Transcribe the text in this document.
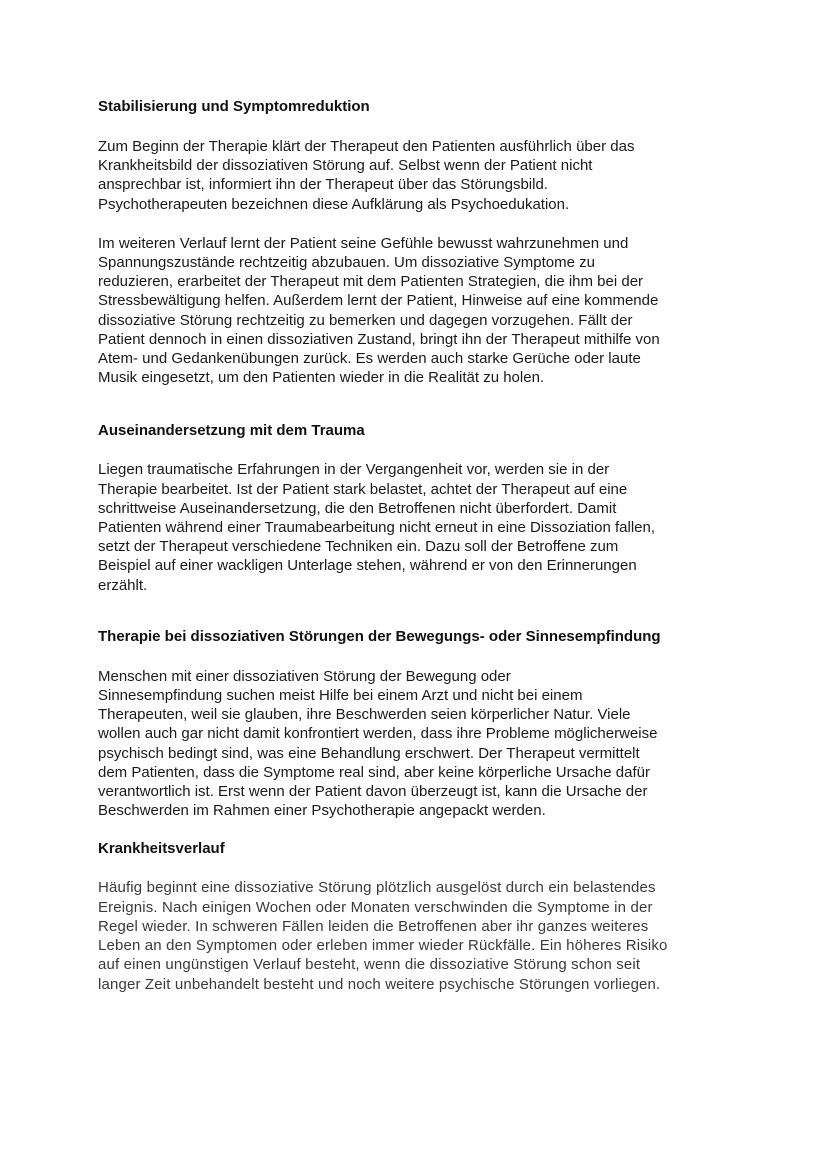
Stabilisierung und Symptomreduktion

Zum Beginn der Therapie klärt der Therapeut den Patienten ausführlich über das
Krankheitsbild der dissoziativen Störung auf. Selbst wenn der Patient nicht
ansprechbar ist, informiert ihn der Therapeut über das Störungsbild.
Psychotherapeuten bezeichnen diese Aufklärung als Psychoedukation.

Im weiteren Verlauf lernt der Patient seine Gefühle bewusst wahrzunehmen und
Spannungszustände rechtzeitig abzubauen. Um dissoziative Symptome zu
reduzieren, erarbeitet der Therapeut mit dem Patienten Strategien, die ihm bei der
Stressbewältigung helfen. Außerdem lernt der Patient, Hinweise auf eine kommende
dissoziative Störung rechtzeitig zu bemerken und dagegen vorzugehen. Fällt der
Patient dennoch in einen dissoziativen Zustand, bringt ihn der Therapeut mithilfe von
Atem- und Gedankenübungen zurück. Es werden auch starke Gerüche oder laute
Musik eingesetzt, um den Patienten wieder in die Realität zu holen.

Auseinandersetzung mit dem Trauma

Liegen traumatische Erfahrungen in der Vergangenheit vor, werden sie in der
Therapie bearbeitet. Ist der Patient stark belastet, achtet der Therapeut auf eine
schrittweise Auseinandersetzung, die den Betroffenen nicht überfordert. Damit
Patienten während einer Traumabearbeitung nicht erneut in eine Dissoziation fallen,
setzt der Therapeut verschiedene Techniken ein. Dazu soll der Betroffene zum
Beispiel auf einer wackligen Unterlage stehen, während er von den Erinnerungen
erzählt.

Therapie bei dissoziativen Störungen der Bewegungs- oder Sinnesempfindung

Menschen mit einer dissoziativen Störung der Bewegung oder
Sinnesempfindung suchen meist Hilfe bei einem Arzt und nicht bei einem
Therapeuten, weil sie glauben, ihre Beschwerden seien körperlicher Natur. Viele
wollen auch gar nicht damit konfrontiert werden, dass ihre Probleme möglicherweise
psychisch bedingt sind, was eine Behandlung erschwert. Der Therapeut vermittelt
dem Patienten, dass die Symptome real sind, aber keine körperliche Ursache dafür
verantwortlich ist. Erst wenn der Patient davon überzeugt ist, kann die Ursache der
Beschwerden im Rahmen einer Psychotherapie angepackt werden.

Krankheitsverlauf

Häufig beginnt eine dissoziative Störung plötzlich ausgelöst durch ein belastendes
Ereignis. Nach einigen Wochen oder Monaten verschwinden die Symptome in der
Regel wieder. In schweren Fällen leiden die Betroffenen aber ihr ganzes weiteres
Leben an den Symptomen oder erleben immer wieder Rückfälle. Ein höheres Risiko
auf einen ungünstigen Verlauf besteht, wenn die dissoziative Störung schon seit
langer Zeit unbehandelt besteht und noch weitere psychische Störungen vorliegen.
